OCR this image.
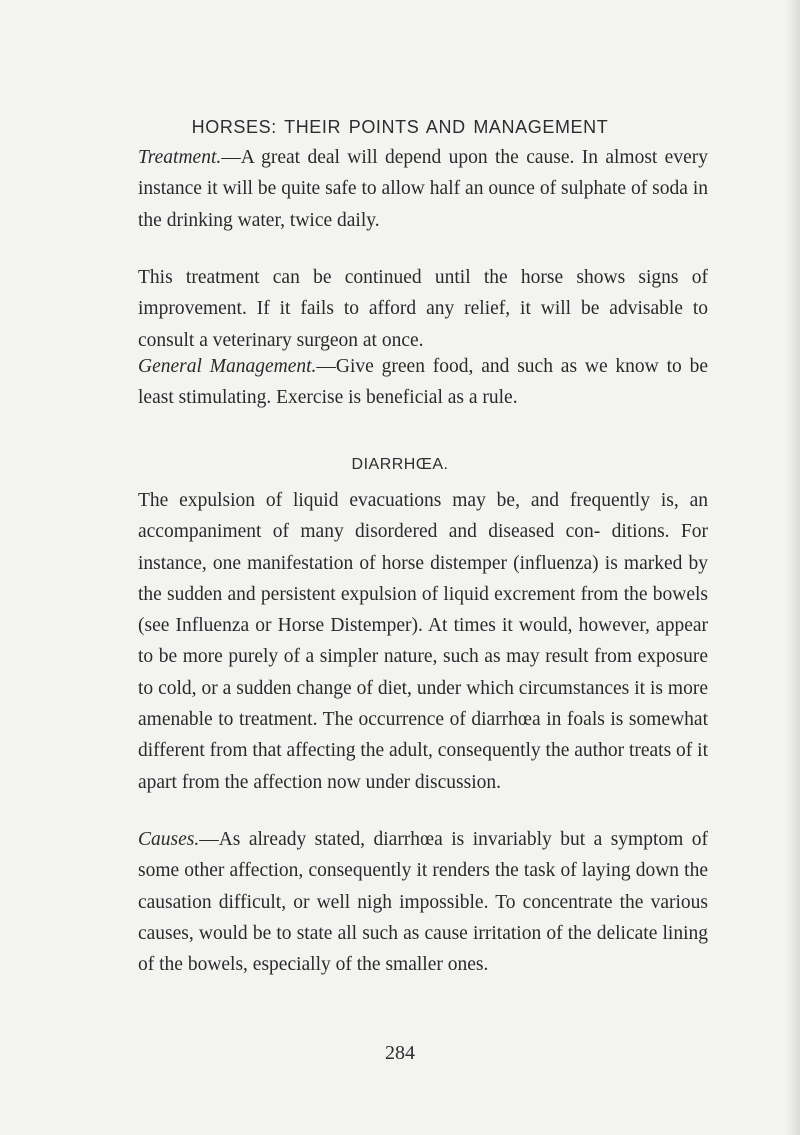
HORSES: THEIR POINTS AND MANAGEMENT

Treatment.—A great deal will depend upon the cause. In almost every instance it will be quite safe to allow half an ounce of sulphate of soda in the drinking water, twice daily.

This treatment can be continued until the horse shows signs of improvement. If it fails to afford any relief, it will be advisable to consult a veterinary surgeon at once.

General Management.—Give green food, and such as we know to be least stimulating. Exercise is beneficial as a rule.

DIARRHŒA.

The expulsion of liquid evacuations may be, and frequently is, an accompaniment of many disordered and diseased con- ditions. For instance, one manifestation of horse distemper (influenza) is marked by the sudden and persistent expulsion of liquid excrement from the bowels (see Influenza or Horse Distemper). At times it would, however, appear to be more purely of a simpler nature, such as may result from exposure to cold, or a sudden change of diet, under which circumstances it is more amenable to treatment. The occurrence of diarrhœa in foals is somewhat different from that affecting the adult, consequently the author treats of it apart from the affection now under discussion.

Causes.—As already stated, diarrhœa is invariably but a symptom of some other affection, consequently it renders the task of laying down the causation difficult, or well nigh impossible. To concentrate the various causes, would be to state all such as cause irritation of the delicate lining of the bowels, especially of the smaller ones.

284
